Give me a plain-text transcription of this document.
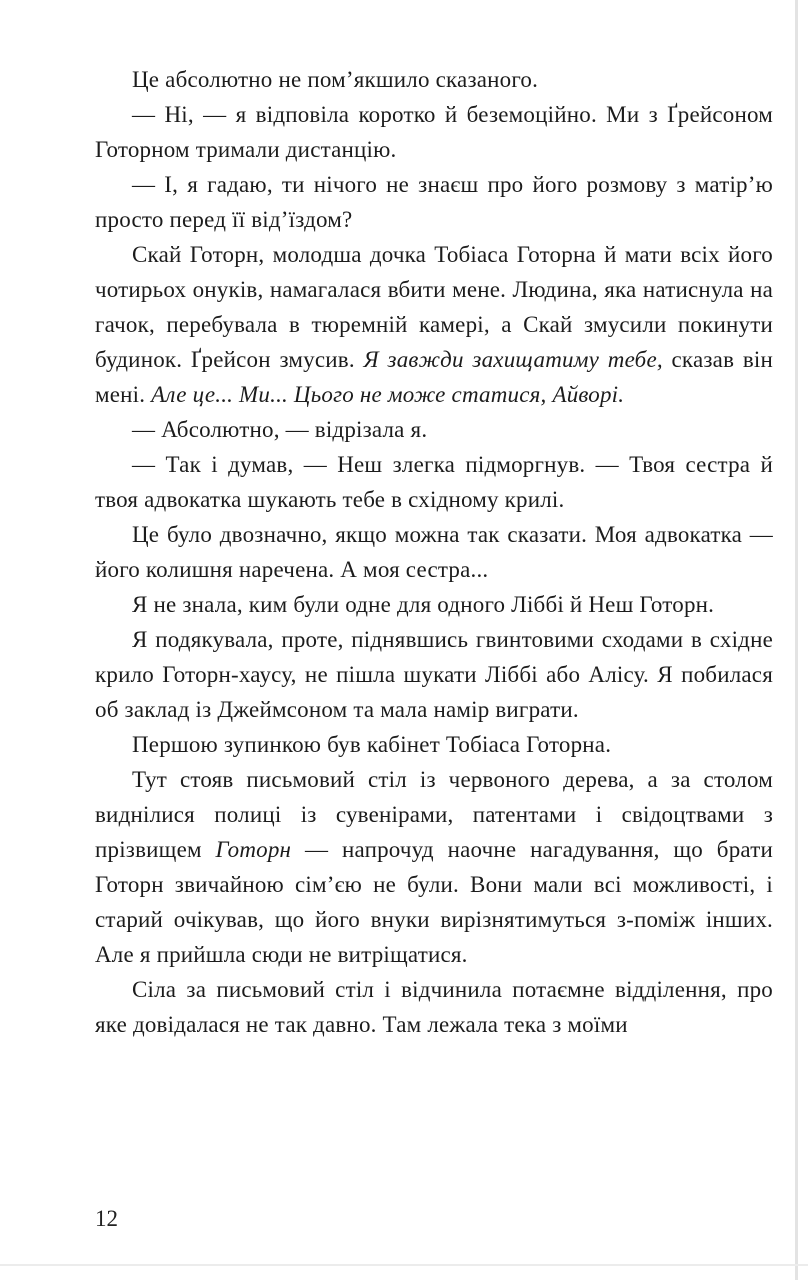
Це абсолютно не пом’якшило сказаного.

— Ні, — я відповіла коротко й беземоційно. Ми з Ґрейсоном Готорном тримали дистанцію.

— І, я гадаю, ти нічого не знаєш про його розмову з матір’ю просто перед її від’їздом?

Скай Готорн, молодша дочка Тобіаса Готорна й мати всіх його чотирьох онуків, намагалася вбити мене. Людина, яка натиснула на гачок, перебувала в тюремній камері, а Скай змусили покинути будинок. Ґрейсон змусив. Я завжди захищатиму тебе, сказав він мені. Але це... Ми... Цього не може статися, Айворі.

— Абсолютно, — відрізала я.

— Так і думав, — Неш злегка підморгнув. — Твоя сестра й твоя адвокатка шукають тебе в східному крилі.

Це було двозначно, якщо можна так сказати. Моя адвокатка — його колишня наречена. А моя сестра...

Я не знала, ким були одне для одного Ліббі й Неш Готорн.

Я подякувала, проте, піднявшись гвинтовими сходами в східне крило Готорн-хаусу, не пішла шукати Ліббі або Алісу. Я побилася об заклад із Джеймсоном та мала намір виграти.

Першою зупинкою був кабінет Тобіаса Готорна.

Тут стояв письмовий стіл із червоного дерева, а за столом виднілися полиці із сувенірами, патентами і свідоцтвами з прізвищем Готорн — напрочуд наочне нагадування, що брати Готорн звичайною сім’єю не були. Вони мали всі можливості, і старий очікував, що його внуки вирізнятимуться з-поміж інших. Але я прийшла сюди не витріщатися.

Сіла за письмовий стіл і відчинила потаємне відділення, про яке довідалася не так давно. Там лежала тека з моїми

12
